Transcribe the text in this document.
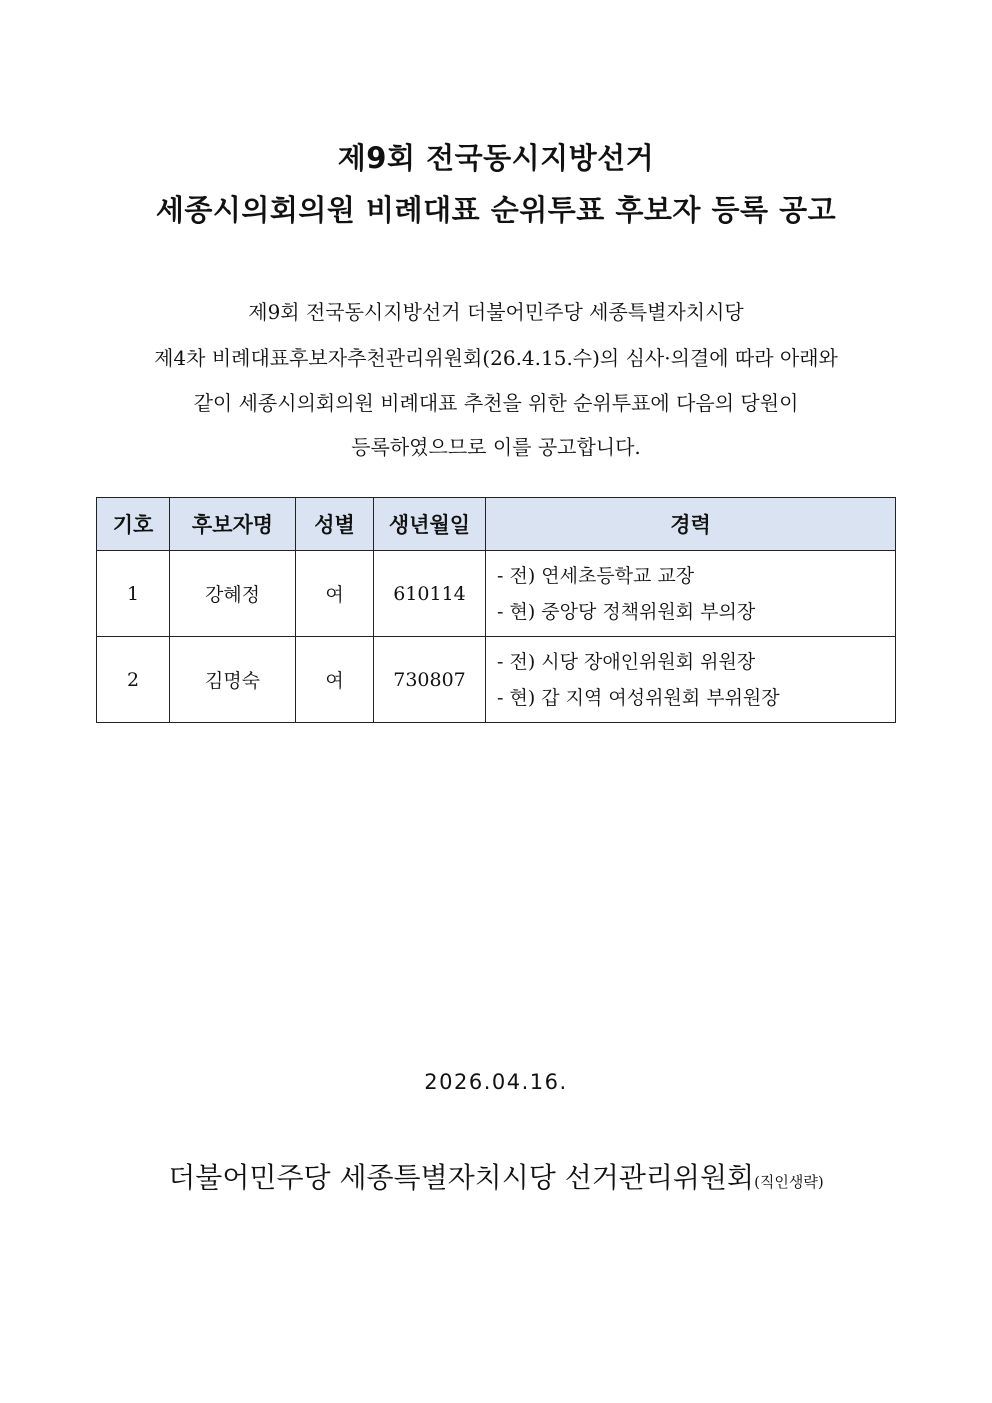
제9회 전국동시지방선거
세종시의회의원 비례대표 순위투표 후보자 등록 공고
제9회 전국동시지방선거 더불어민주당 세종특별자치시당
제4차 비례대표후보자추천관리위원회(26.4.15.수)의 심사·의결에 따라 아래와
같이 세종시의회의원 비례대표 추천을 위한 순위투표에 다음의 당원이
등록하였으므로 이를 공고합니다.
기호	후보자명	성별	생년월일	경력
1	강혜정	여	610114	- 전) 연세초등학교 교장
- 현) 중앙당 정책위원회 부의장

2	김명숙	여	730807	- 전) 시당 장애인위원회 위원장
- 현) 갑 지역 여성위원회 부위원장
2026.04.16.
더불어민주당 세종특별자치시당 선거관리위원회(직인생략)
